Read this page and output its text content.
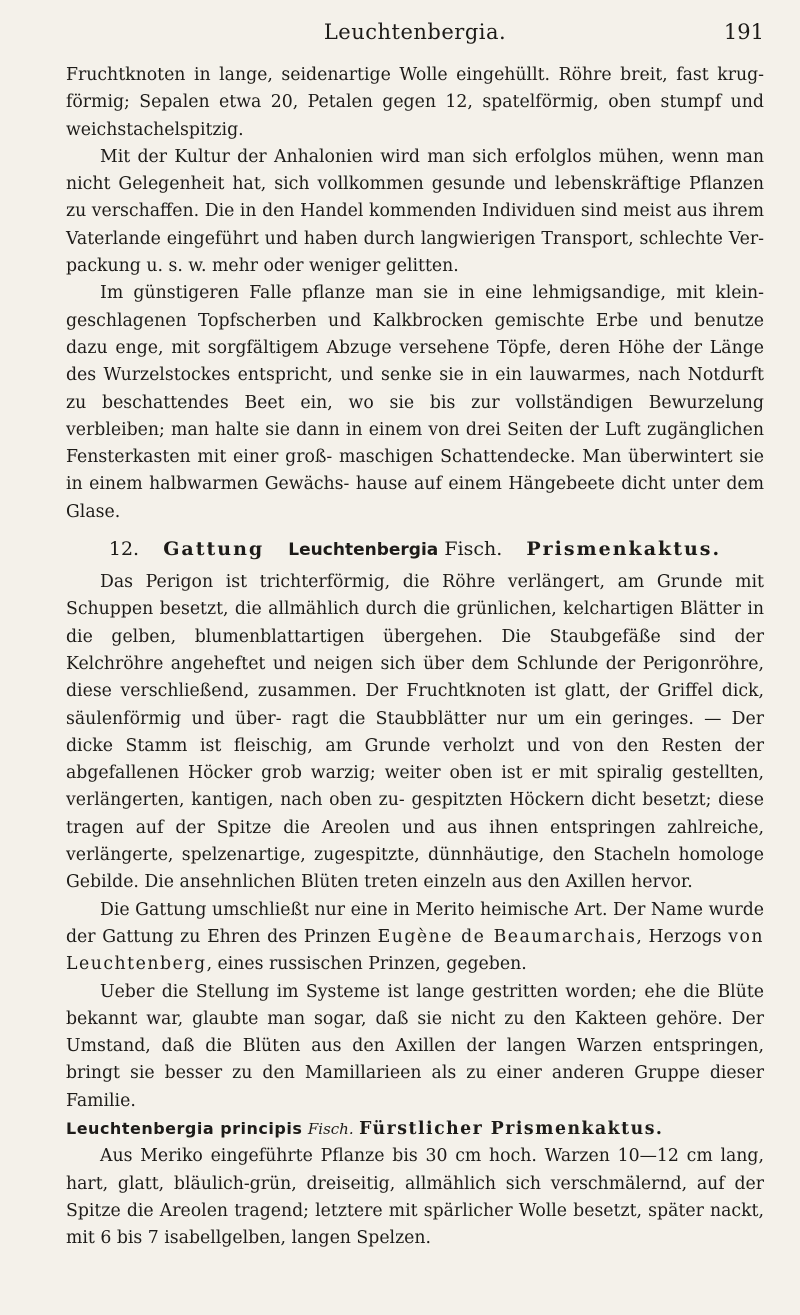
Leuchtenbergia.	191

Fruchtknoten in lange, seidenartige Wolle eingehüllt. Röhre breit, fast krug- förmig; Sepalen etwa 20, Petalen gegen 12, spatelförmig, oben stumpf und weichstachelspitzig.

Mit der Kultur der Anhalonien wird man sich erfolglos mühen, wenn man nicht Gelegenheit hat, sich vollkommen gesunde und lebenskräftige Pflanzen zu verschaffen. Die in den Handel kommenden Individuen sind meist aus ihrem Vaterlande eingeführt und haben durch langwierigen Transport, schlechte Ver- packung u. s. w. mehr oder weniger gelitten.

Im günstigeren Falle pflanze man sie in eine lehmigsandige, mit klein- geschlagenen Topfscherben und Kalkbrocken gemischte Erbe und benutze dazu enge, mit sorgfältigem Abzuge versehene Töpfe, deren Höhe der Länge des Wurzelstockes entspricht, und senke sie in ein lauwarmes, nach Notdurft zu beschattendes Beet ein, wo sie bis zur vollständigen Bewurzelung verbleiben; man halte sie dann in einem von drei Seiten der Luft zugänglichen Fensterkasten mit einer groß- maschigen Schattendecke. Man überwintert sie in einem halbwarmen Gewächs- hause auf einem Hängebeete dicht unter dem Glase.

12. Gattung Leuchtenbergia Fisch. Prismenkaktus.

Das Perigon ist trichterförmig, die Röhre verlängert, am Grunde mit Schuppen besetzt, die allmählich durch die grünlichen, kelchartigen Blätter in die gelben, blumenblattartigen übergehen. Die Staubgefäße sind der Kelchröhre angeheftet und neigen sich über dem Schlunde der Perigonröhre, diese verschließend, zusammen. Der Fruchtknoten ist glatt, der Griffel dick, säulenförmig und über- ragt die Staubblätter nur um ein geringes. — Der dicke Stamm ist fleischig, am Grunde verholzt und von den Resten der abgefallenen Höcker grob warzig; weiter oben ist er mit spiralig gestellten, verlängerten, kantigen, nach oben zu- gespitzten Höckern dicht besetzt; diese tragen auf der Spitze die Areolen und aus ihnen entspringen zahlreiche, verlängerte, spelzenartige, zugespitzte, dünnhäutige, den Stacheln homologe Gebilde. Die ansehnlichen Blüten treten einzeln aus den Axillen hervor.

Die Gattung umschließt nur eine in Merito heimische Art. Der Name wurde der Gattung zu Ehren des Prinzen Eugène de Beaumarchais, Herzogs von Leuchtenberg, eines russischen Prinzen, gegeben.

Ueber die Stellung im Systeme ist lange gestritten worden; ehe die Blüte bekannt war, glaubte man sogar, daß sie nicht zu den Kakteen gehöre. Der Umstand, daß die Blüten aus den Axillen der langen Warzen entspringen, bringt sie besser zu den Mamillarieen als zu einer anderen Gruppe dieser Familie.

Leuchtenbergia principis Fisch. Fürstlicher Prismenkaktus.

Aus Meriko eingeführte Pflanze bis 30 cm hoch. Warzen 10—12 cm lang, hart, glatt, bläulich-grün, dreiseitig, allmählich sich verschmälernd, auf der Spitze die Areolen tragend; letztere mit spärlicher Wolle besetzt, später nackt, mit 6 bis 7 isabellgelben, langen Spelzen.
